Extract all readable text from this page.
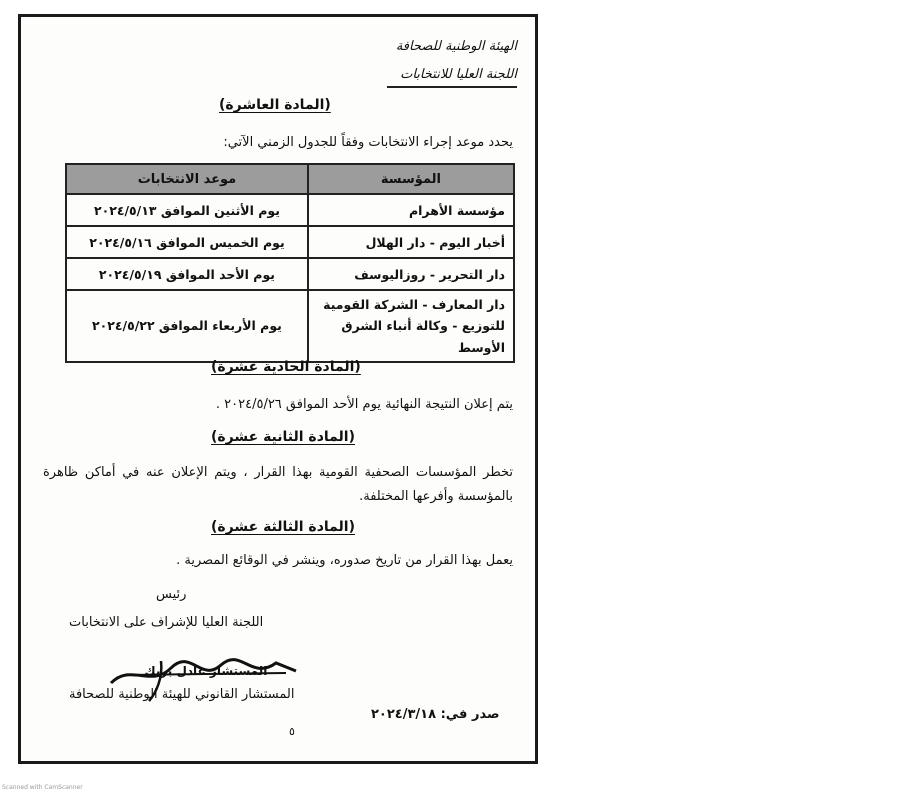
الهيئة الوطنية للصحافة
اللجنة العليا للانتخابات
( المادة العاشرة )
يحدد موعد إجراء الانتخابات وفقاً للجدول الزمني الآتي:
المؤسسة	موعد الانتخابات
مؤسسة الأهرام	يوم الأثنين الموافق ٢٠٢٤/٥/١٣
أخبار اليوم - دار الهلال	يوم الخميس الموافق ٢٠٢٤/٥/١٦
دار التحرير - روزاليوسف	يوم الأحد الموافق ٢٠٢٤/٥/١٩
دار المعارف - الشركة القومية للتوزيع - وكالة أنباء الشرق الأوسط	يوم الأربعاء الموافق ٢٠٢٤/٥/٢٢
( المادة الحادية عشرة )
يتم إعلان النتيجة النهائية يوم الأحد الموافق ٢٠٢٤/٥/٢٦ .
( المادة الثانية عشرة )
تخطر المؤسسات الصحفية القومية بهذا القرار ، ويتم الإعلان عنه في أماكن ظاهرة بالمؤسسة وأفرعها المختلفة.
( المادة الثالثة عشرة )
يعمل بهذا القرار من تاريخ صدوره، وينشر في الوقائع المصرية .
رئيس
اللجنة العليا للإشراف على الانتخابات
المستشار عادل بريك
المستشار القانوني للهيئة الوطنية للصحافة
صدر في: ٢٠٢٤/٣/١٨
٥
Scanned with CamScanner
